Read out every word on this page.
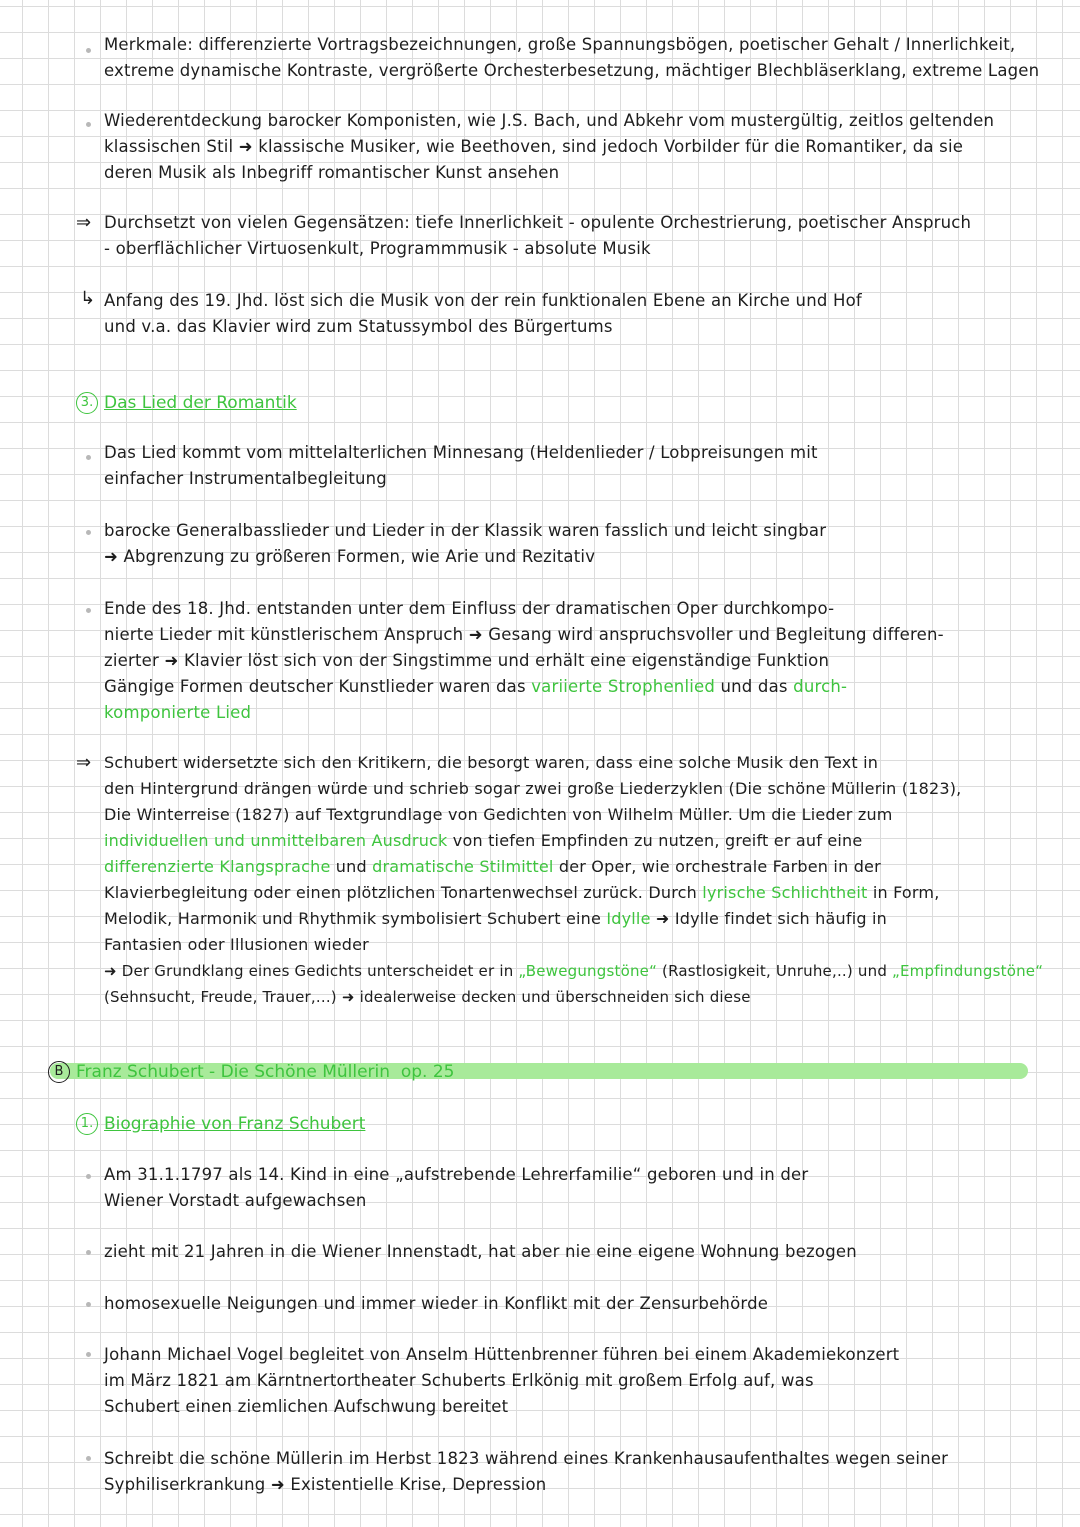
Merkmale: differenzierte Vortragsbezeichnungen, große Spannungsbögen, poetischer Gehalt / Innerlichkeit,
extreme dynamische Kontraste, vergrößerte Orchesterbesetzung, mächtiger Blechbläserklang, extreme Lagen
Wiederentdeckung barocker Komponisten, wie J.S. Bach, und Abkehr vom mustergültig, zeitlos geltenden
klassischen Stil ➜ klassische Musiker, wie Beethoven, sind jedoch Vorbilder für die Romantiker, da sie
deren Musik als Inbegriff romantischer Kunst ansehen
⇒ Durchsetzt von vielen Gegensätzen: tiefe Innerlichkeit - opulente Orchestrierung, poetischer Anspruch
- oberflächlicher Virtuosenkult, Programmmusik - absolute Musik
↳ Anfang des 19. Jhd. löst sich die Musik von der rein funktionalen Ebene an Kirche und Hof
und v.a. das Klavier wird zum Statussymbol des Bürgertums
3. Das Lied der Romantik
Das Lied kommt vom mittelalterlichen Minnesang (Heldenlieder / Lobpreisungen mit
einfacher Instrumentalbegleitung
barocke Generalbasslieder und Lieder in der Klassik waren fasslich und leicht singbar
➜ Abgrenzung zu größeren Formen, wie Arie und Rezitativ
Ende des 18. Jhd. entstanden unter dem Einfluss der dramatischen Oper durchkompo-
nierte Lieder mit künstlerischem Anspruch ➜ Gesang wird anspruchsvoller und Begleitung differen-
zierter ➜ Klavier löst sich von der Singstimme und erhält eine eigenständige Funktion
Gängige Formen deutscher Kunstlieder waren das variierte Strophenlied und das durch-
komponierte Lied
⇒ Schubert widersetzte sich den Kritikern, die besorgt waren, dass eine solche Musik den Text in
den Hintergrund drängen würde und schrieb sogar zwei große Liederzyklen (Die schöne Müllerin (1823),
Die Winterreise (1827) auf Textgrundlage von Gedichten von Wilhelm Müller. Um die Lieder zum
individuellen und unmittelbaren Ausdruck von tiefen Empfinden zu nutzen, greift er auf eine
differenzierte Klangsprache und dramatische Stilmittel der Oper, wie orchestrale Farben in der
Klavierbegleitung oder einen plötzlichen Tonartenwechsel zurück. Durch lyrische Schlichtheit in Form,
Melodik, Harmonik und Rhythmik symbolisiert Schubert eine Idylle ➜ Idylle findet sich häufig in
Fantasien oder Illusionen wieder
➜ Der Grundklang eines Gedichts unterscheidet er in „Bewegungstöne“ (Rastlosigkeit, Unruhe,..) und „Empfindungstöne“
(Sehnsucht, Freude, Trauer,...) ➜ idealerweise decken und überschneiden sich diese
B Franz Schubert - Die Schöne Müllerin op. 25
1. Biographie von Franz Schubert
Am 31.1.1797 als 14. Kind in eine „aufstrebende Lehrerfamilie“ geboren und in der
Wiener Vorstadt aufgewachsen
zieht mit 21 Jahren in die Wiener Innenstadt, hat aber nie eine eigene Wohnung bezogen
homosexuelle Neigungen und immer wieder in Konflikt mit der Zensurbehörde
Johann Michael Vogel begleitet von Anselm Hüttenbrenner führen bei einem Akademiekonzert
im März 1821 am Kärntnertortheater Schuberts Erlkönig mit großem Erfolg auf, was
Schubert einen ziemlichen Aufschwung bereitet
Schreibt die schöne Müllerin im Herbst 1823 während eines Krankenhausaufenthaltes wegen seiner
Syphiliserkrankung ➜ Existentielle Krise, Depression
